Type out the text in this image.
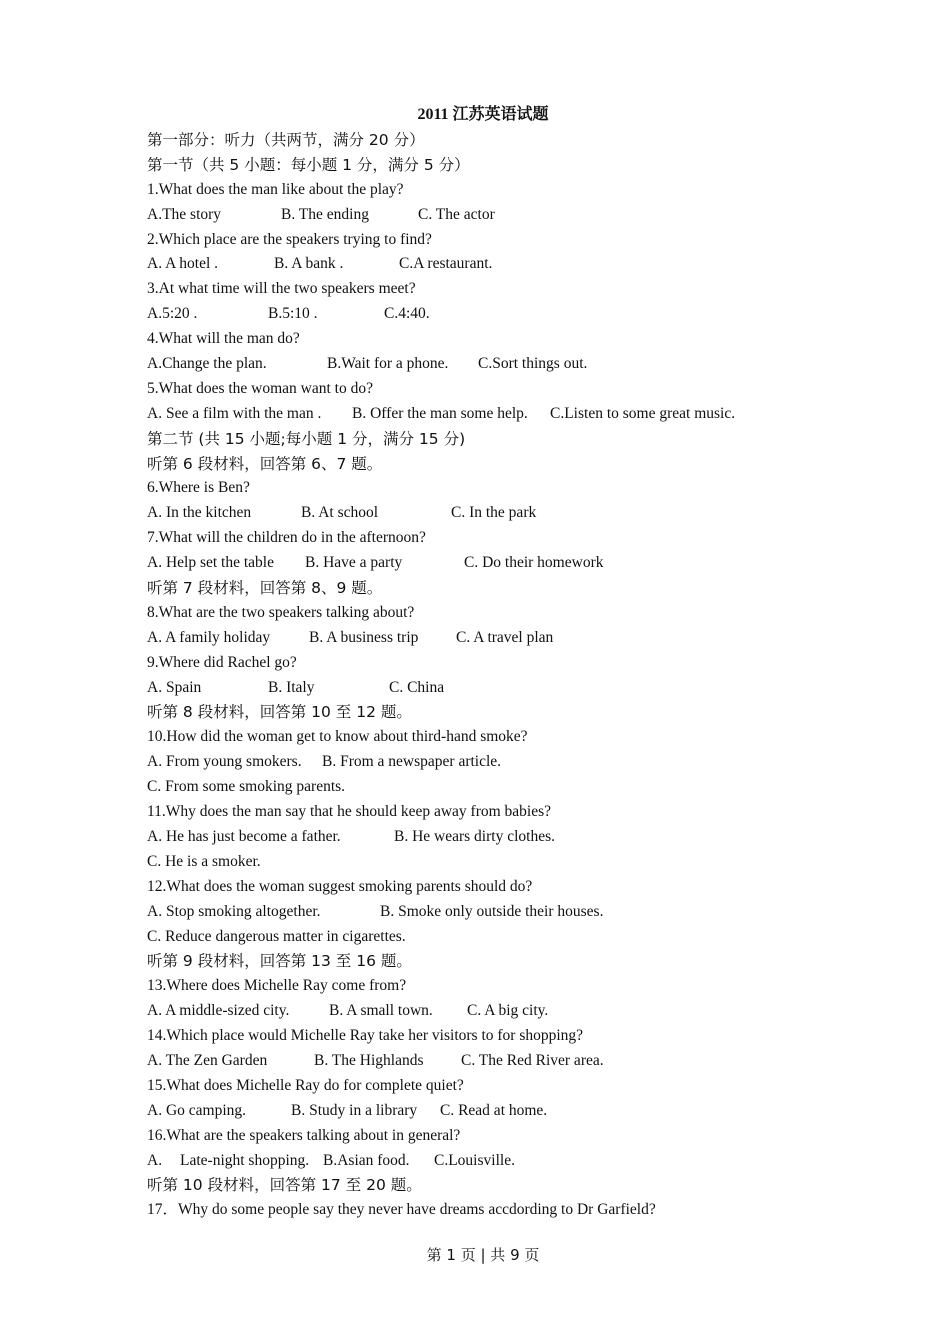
2011 江苏英语试题
第一部分：听力（共两节，满分 20 分）
第一节（共 5 小题：每小题 1 分，满分 5 分）
1.What does the man like about the play?
A.The story	B. The ending	C. The actor
2.Which place are the speakers trying to find?
A. A hotel .	B. A bank .	C.A restaurant.
3.At what time will the two speakers meet?
A.5:20 .	B.5:10 .	C.4:40.
4.What will the man do?
A.Change the plan.	B.Wait for a phone. C.Sort things out.
5.What does the woman want to do?
A. See a film with the man . B. Offer the man some help. C.Listen to some great music.
第二节 (共 15 小题;每小题 1 分，满分 15 分)
听第 6 段材料，回答第 6、7 题。
6.Where is Ben?
A. In the kitchen	B. At school	C. In the park
7.What will the children do in the afternoon?
A. Help set the table B. Have a party	C. Do their homework
听第 7 段材料，回答第 8、9 题。
8.What are the two speakers talking about?
A. A family holiday	B. A business trip C. A travel plan
9.Where did Rachel go?
A. Spain	B. Italy	C. China
听第 8 段材料，回答第 10 至 12 题。
10.How did the woman get to know about third-hand smoke?
A. From young smokers. B. From a newspaper article.
C. From some smoking parents.
11.Why does the man say that he should keep away from babies?
A. He has just become a father.	B. He wears dirty clothes.
C. He is a smoker.
12.What does the woman suggest smoking parents should do?
A. Stop smoking altogether.	B. Smoke only outside their houses.
C. Reduce dangerous matter in cigarettes.
听第 9 段材料，回答第 13 至 16 题。
13.Where does Michelle Ray come from?
A. A middle-sized city.	B. A small town. C. A big city.
14.Which place would Michelle Ray take her visitors to for shopping?
A. The Zen Garden	B. The Highlands C. The Red River area.
15.What does Michelle Ray do for complete quiet?
A. Go camping.	B. Study in a library C. Read at home.
16.What are the speakers talking about in general?
A. Late-night shopping. B.Asian food. C.Louisville.
听第 10 段材料，回答第 17 至 20 题。
17．Why do some people say they never have dreams accdording to Dr Garfield?
第 1 页 | 共 9 页
